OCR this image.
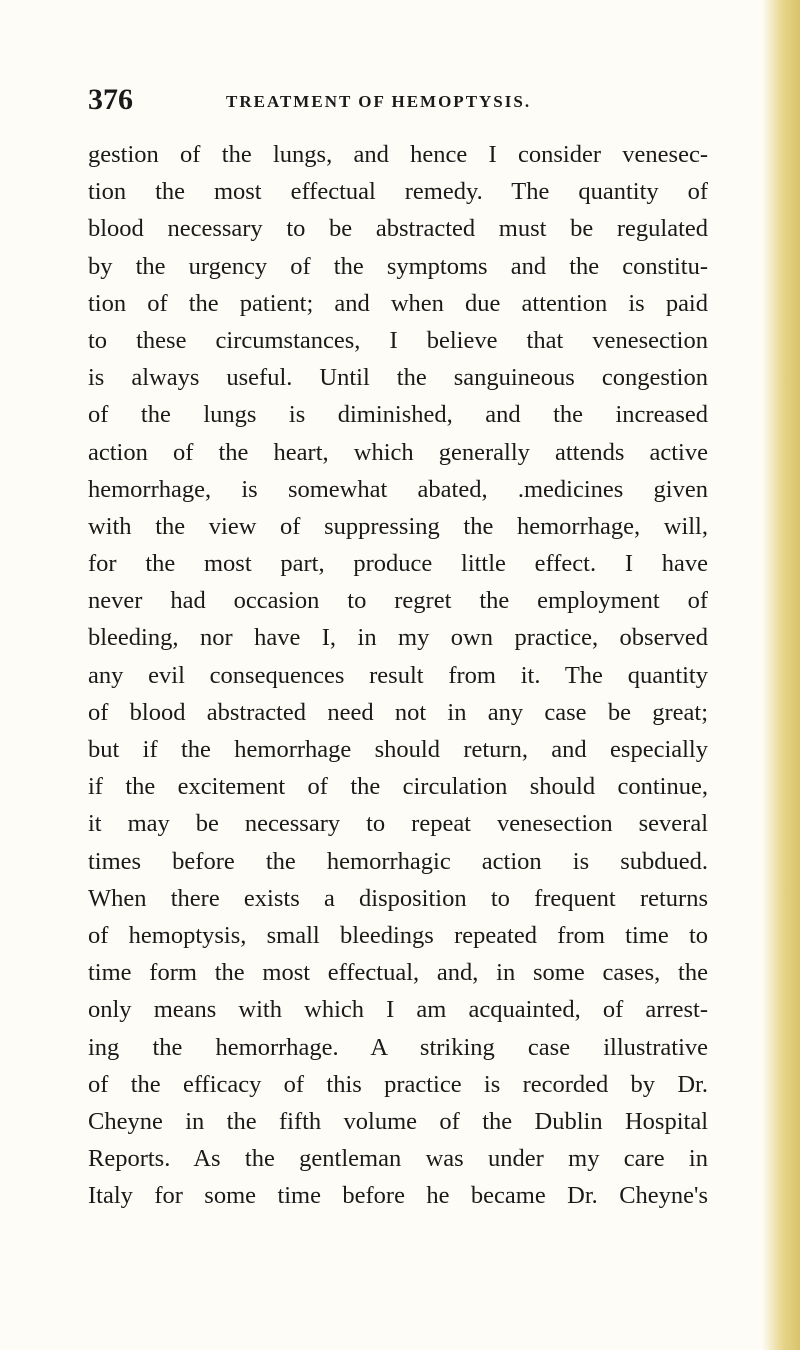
376	TREATMENT OF HEMOPTYSIS.
gestion of the lungs, and hence I consider venesec-
tion the most effectual remedy. The quantity of
blood necessary to be abstracted must be regulated
by the urgency of the symptoms and the constitu-
tion of the patient; and when due attention is paid
to these circumstances, I believe that venesection
is always useful. Until the sanguineous congestion
of the lungs is diminished, and the increased
action of the heart, which generally attends active
hemorrhage, is somewhat abated, .medicines given
with the view of suppressing the hemorrhage, will,
for the most part, produce little effect. I have
never had occasion to regret the employment of
bleeding, nor have I, in my own practice, observed
any evil consequences result from it. The quantity
of blood abstracted need not in any case be great;
but if the hemorrhage should return, and especially
if the excitement of the circulation should continue,
it may be necessary to repeat venesection several
times before the hemorrhagic action is subdued.
When there exists a disposition to frequent returns
of hemoptysis, small bleedings repeated from time to
time form the most effectual, and, in some cases, the
only means with which I am acquainted, of arrest-
ing the hemorrhage. A striking case illustrative
of the efficacy of this practice is recorded by Dr.
Cheyne in the fifth volume of the Dublin Hospital
Reports. As the gentleman was under my care in
Italy for some time before he became Dr. Cheyne's
